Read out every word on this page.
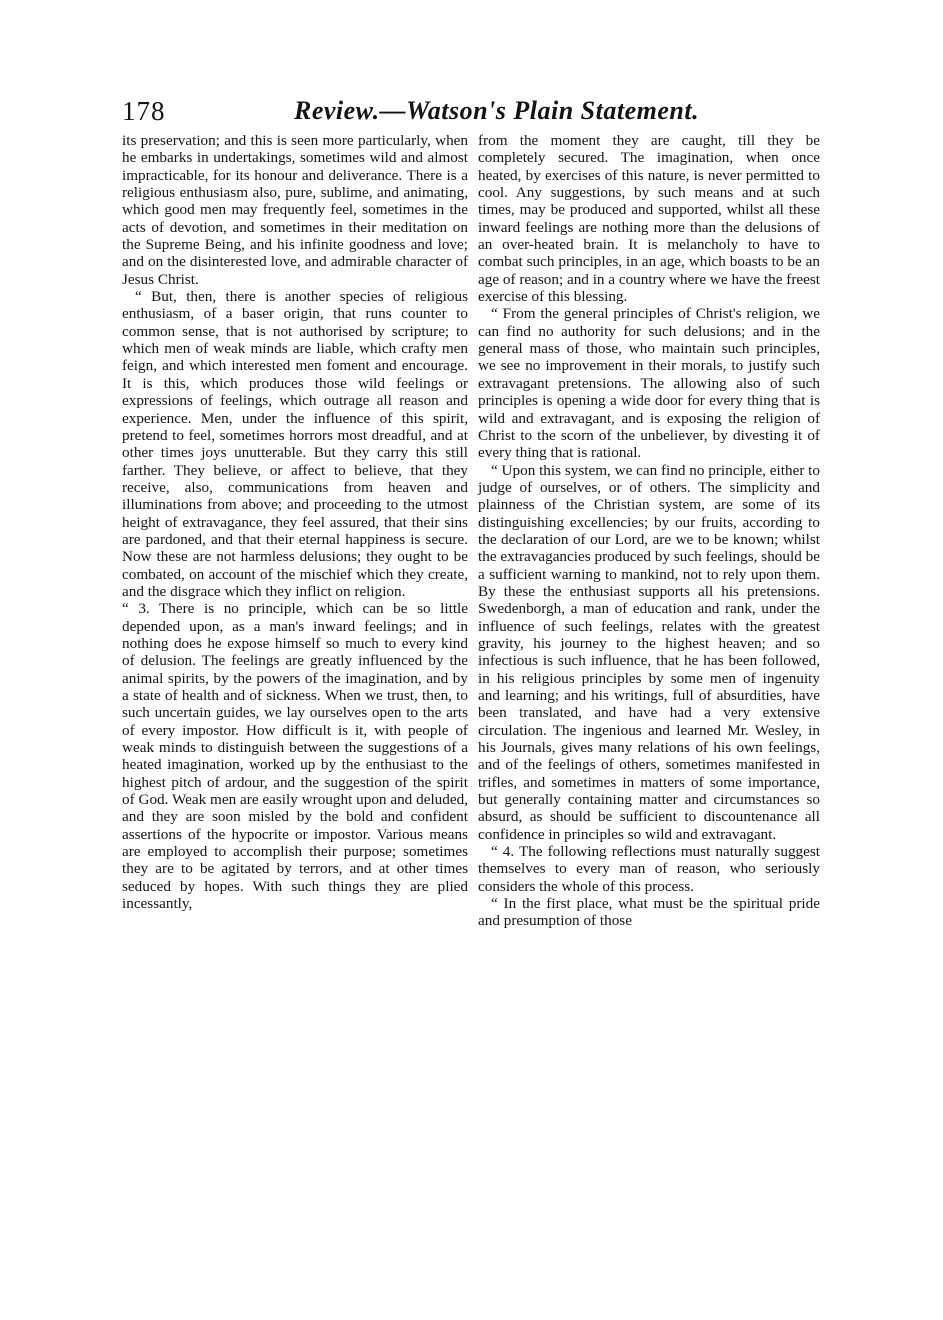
178	Review.—Watson's Plain Statement.

its preservation; and this is seen more particularly, when he embarks in undertakings, sometimes wild and almost impracticable, for its honour and deliverance. There is a religious enthusiasm also, pure, sublime, and animating, which good men may frequently feel, sometimes in the acts of devotion, and sometimes in their meditation on the Supreme Being, and his infinite goodness and love; and on the disinterested love, and admirable character of Jesus Christ.

“ But, then, there is another species of religious enthusiasm, of a baser origin, that runs counter to common sense, that is not authorised by scripture; to which men of weak minds are liable, which crafty men feign, and which interested men foment and encourage. It is this, which produces those wild feelings or expressions of feelings, which outrage all reason and experience. Men, under the influence of this spirit, pretend to feel, sometimes horrors most dreadful, and at other times joys unutterable. But they carry this still farther. They believe, or affect to believe, that they receive, also, communications from heaven and illuminations from above; and proceeding to the utmost height of extravagance, they feel assured, that their sins are pardoned, and that their eternal happiness is secure. Now these are not harmless delusions; they ought to be combated, on account of the mischief which they create, and the disgrace which they inflict on religion.

“ 3. There is no principle, which can be so little depended upon, as a man's inward feelings; and in nothing does he expose himself so much to every kind of delusion. The feelings are greatly influenced by the animal spirits, by the powers of the imagination, and by a state of health and of sickness. When we trust, then, to such uncertain guides, we lay ourselves open to the arts of every impostor. How difficult is it, with people of weak minds to distinguish between the suggestions of a heated imagination, worked up by the enthusiast to the highest pitch of ardour, and the suggestion of the spirit of God. Weak men are easily wrought upon and deluded, and they are soon misled by the bold and confident assertions of the hypocrite or impostor. Various means are employed to accomplish their purpose; sometimes they are to be agitated by terrors, and at other times seduced by hopes. With such things they are plied incessantly,

from the moment they are caught, till they be completely secured. The imagination, when once heated, by exercises of this nature, is never permitted to cool. Any suggestions, by such means and at such times, may be produced and supported, whilst all these inward feelings are nothing more than the delusions of an over-heated brain. It is melancholy to have to combat such principles, in an age, which boasts to be an age of reason; and in a country where we have the freest exercise of this blessing.

“ From the general principles of Christ's religion, we can find no authority for such delusions; and in the general mass of those, who maintain such principles, we see no improvement in their morals, to justify such extravagant pretensions. The allowing also of such principles is opening a wide door for every thing that is wild and extravagant, and is exposing the religion of Christ to the scorn of the unbeliever, by divesting it of every thing that is rational.

“ Upon this system, we can find no principle, either to judge of ourselves, or of others. The simplicity and plainness of the Christian system, are some of its distinguishing excellencies; by our fruits, according to the declaration of our Lord, are we to be known; whilst the extravagancies produced by such feelings, should be a sufficient warning to mankind, not to rely upon them. By these the enthusiast supports all his pretensions. Swedenborgh, a man of education and rank, under the influence of such feelings, relates with the greatest gravity, his journey to the highest heaven; and so infectious is such influence, that he has been followed, in his religious principles by some men of ingenuity and learning; and his writings, full of absurdities, have been translated, and have had a very extensive circulation. The ingenious and learned Mr. Wesley, in his Journals, gives many relations of his own feelings, and of the feelings of others, sometimes manifested in trifles, and sometimes in matters of some importance, but generally containing matter and circumstances so absurd, as should be sufficient to discountenance all confidence in principles so wild and extravagant.

“ 4. The following reflections must naturally suggest themselves to every man of reason, who seriously considers the whole of this process.

“ In the first place, what must be the spiritual pride and presumption of those
